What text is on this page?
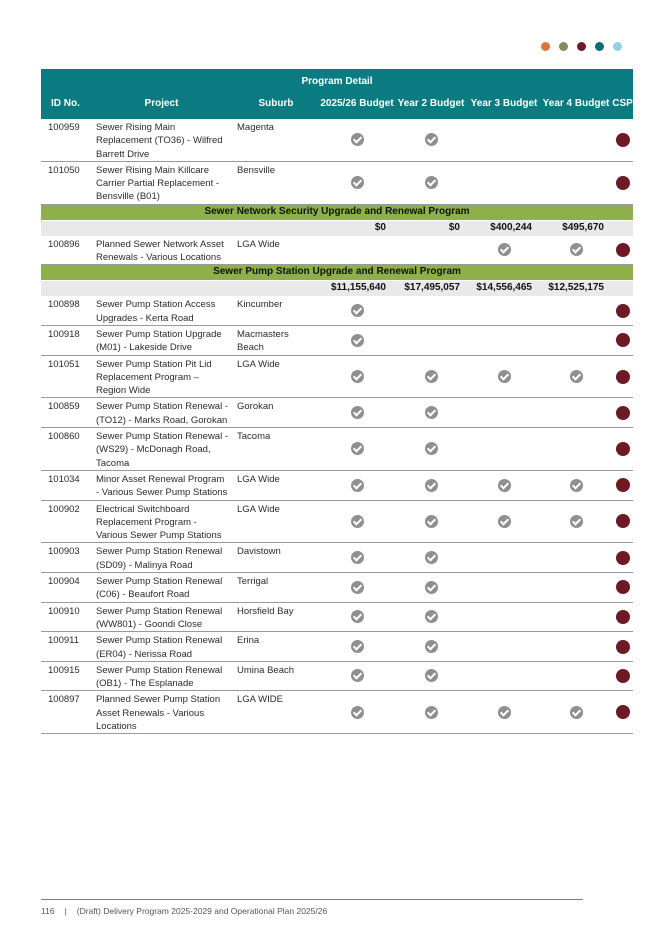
Program Detail							
ID No.	Project	Suburb	2025/26 Budget	Year 2 Budget	Year 3 Budget	Year 4 Budget	CSP
100959	Sewer Rising Main Replacement (TO36) - Wilfred Barrett Drive	Magenta					
101050	Sewer Rising Main Killcare Carrier Partial Replacement - Bensville (B01)	Bensville					
Sewer Network Security Upgrade and Renewal Program							
			$0	$0	$400,244	$495,670	
100896	Planned Sewer Network Asset Renewals - Various Locations	LGA Wide					
Sewer Pump Station Upgrade and Renewal Program							
			$11,155,640	$17,495,057	$14,556,465	$12,525,175	
100898	Sewer Pump Station Access Upgrades - Kerta Road	Kincumber					
100918	Sewer Pump Station Upgrade (M01) - Lakeside Drive	Macmasters Beach					
101051	Sewer Pump Station Pit Lid Replacement Program – Region Wide	LGA Wide					
100859	Sewer Pump Station Renewal - (TO12) - Marks Road, Gorokan	Gorokan					
100860	Sewer Pump Station Renewal - (WS29) - McDonagh Road, Tacoma	Tacoma					
101034	Minor Asset Renewal Program - Various Sewer Pump Stations	LGA Wide					
100902	Electrical Switchboard Replacement Program - Various Sewer Pump Stations	LGA Wide					
100903	Sewer Pump Station Renewal (SD09) - Malinya Road	Davistown					
100904	Sewer Pump Station Renewal (C06) - Beaufort Road	Terrigal					
100910	Sewer Pump Station Renewal (WW801) - Goondi Close	Horsfield Bay					
100911	Sewer Pump Station Renewal (ER04) - Nerissa Road	Erina					
100915	Sewer Pump Station Renewal (OB1) - The Esplanade	Umina Beach					
100897	Planned Sewer Pump Station Asset Renewals - Various Locations	LGA WIDE					
116 | (Draft) Delivery Program 2025-2029 and Operational Plan 2025/26
